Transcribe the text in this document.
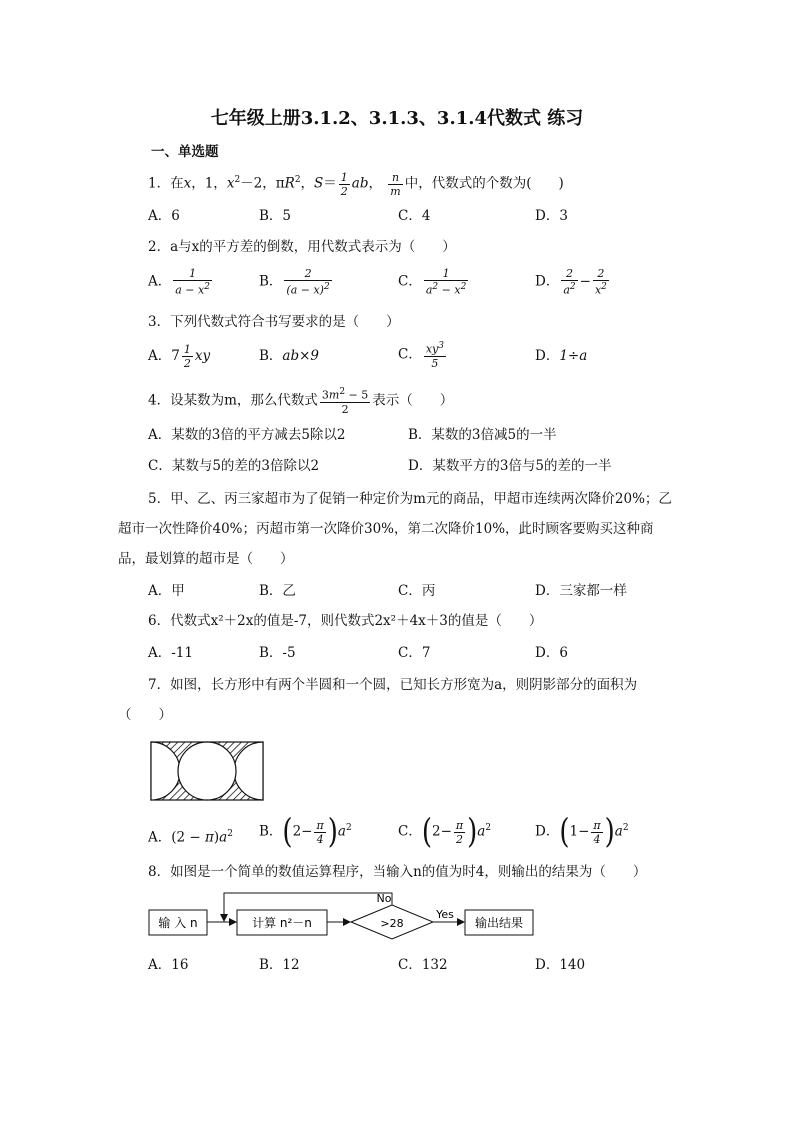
七年级上册3.1.2、3.1.3、3.1.4代数式 练习
一、单选题
1．在x，1，$x^2-2$，$\pi R^2$，$S= \frac{1}{2}$ ab， $\frac{n}{m}$ 中，代数式的个数为(　　)
A．6	B．5	C．4	D．3
2．a与x的平方差的倒数，用代数式表示为（　　）
A． $\frac{1}{a - x^2}$	B． $\frac{2}{(a - x)^2}$	C． $\frac{1}{a^2 - x^2}$	D． $\frac{2}{a^2} - \frac{2}{x^2}$
3．下列代数式符合书写要求的是（　　）
A．$7 \frac{1}{2}$ xy	B．ab×9	C． $\frac{xy^3}{5}$	D．1÷a
4．设某数为m，那么代数式 $\frac{3m^2 - 5}{2}$ 表示（　　）
A．某数的3倍的平方减去5除以2	B．某数的3倍减5的一半
C．某数与5的差的3倍除以2	D．某数平方的3倍与5的差的一半
5．甲、乙、丙三家超市为了促销一种定价为m元的商品，甲超市连续两次降价20%；乙超市一次性降价40%；丙超市第一次降价30%，第二次降价10%，此时顾客要购买这种商品，最划算的超市是（　　）
A．甲	B．乙	C．丙	D．三家都一样
6．代数式x²＋2x的值是-7，则代数式2x²＋4x＋3的值是（　　）
A．-11	B．-5	C．7	D．6
7．如图，长方形中有两个半圆和一个圆，已知长方形宽为a，则阴影部分的面积为（　　）
A．$(2 - \pi)a^2$ B．$(2- \frac{\pi}{4} )a^2$	C．$(2- \frac{\pi}{2} )a^2$	D．$(1- \frac{\pi}{4} )a^2$
8．如图是一个简单的数值运算程序，当输入n的值为时4，则输出的结果为（　　）
输 入 n	计算 n²－n	>28
No
Yes
输出结果
A．16	B．12	C．132	D．140
